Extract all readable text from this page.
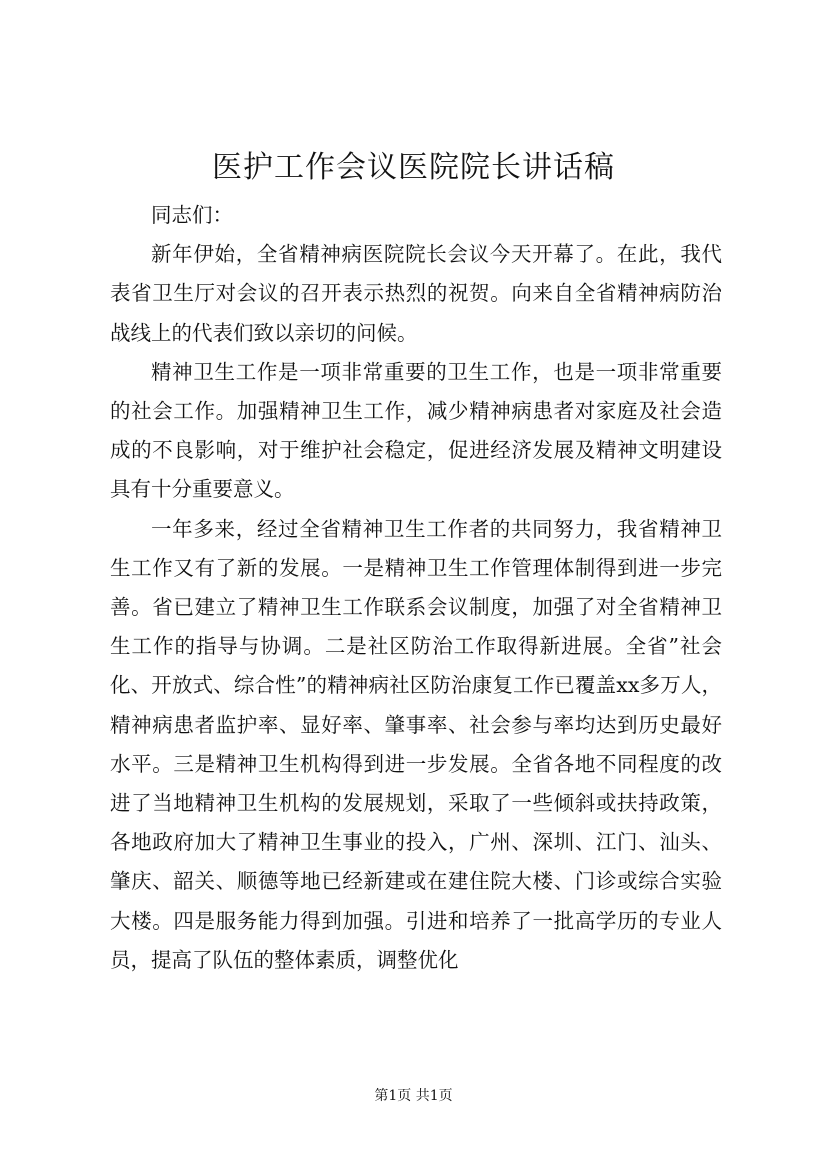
医护工作会议医院院长讲话稿

同志们：

新年伊始，全省精神病医院院长会议今天开幕了。在此，我代表省卫生厅对会议的召开表示热烈的祝贺。向来自全省精神病防治战线上的代表们致以亲切的问候。

精神卫生工作是一项非常重要的卫生工作，也是一项非常重要的社会工作。加强精神卫生工作，减少精神病患者对家庭及社会造成的不良影响，对于维护社会稳定，促进经济发展及精神文明建设具有十分重要意义。

一年多来，经过全省精神卫生工作者的共同努力，我省精神卫生工作又有了新的发展。一是精神卫生工作管理体制得到进一步完善。省已建立了精神卫生工作联系会议制度，加强了对全省精神卫生工作的指导与协调。二是社区防治工作取得新进展。全省”社会化、开放式、综合性”的精神病社区防治康复工作已覆盖xx多万人，精神病患者监护率、显好率、肇事率、社会参与率均达到历史最好水平。三是精神卫生机构得到进一步发展。全省各地不同程度的改进了当地精神卫生机构的发展规划，采取了一些倾斜或扶持政策，各地政府加大了精神卫生事业的投入，广州、深圳、江门、汕头、肇庆、韶关、顺德等地已经新建或在建住院大楼、门诊或综合实验大楼。四是服务能力得到加强。引进和培养了一批高学历的专业人员，提高了队伍的整体素质，调整优化

第1页 共1页
